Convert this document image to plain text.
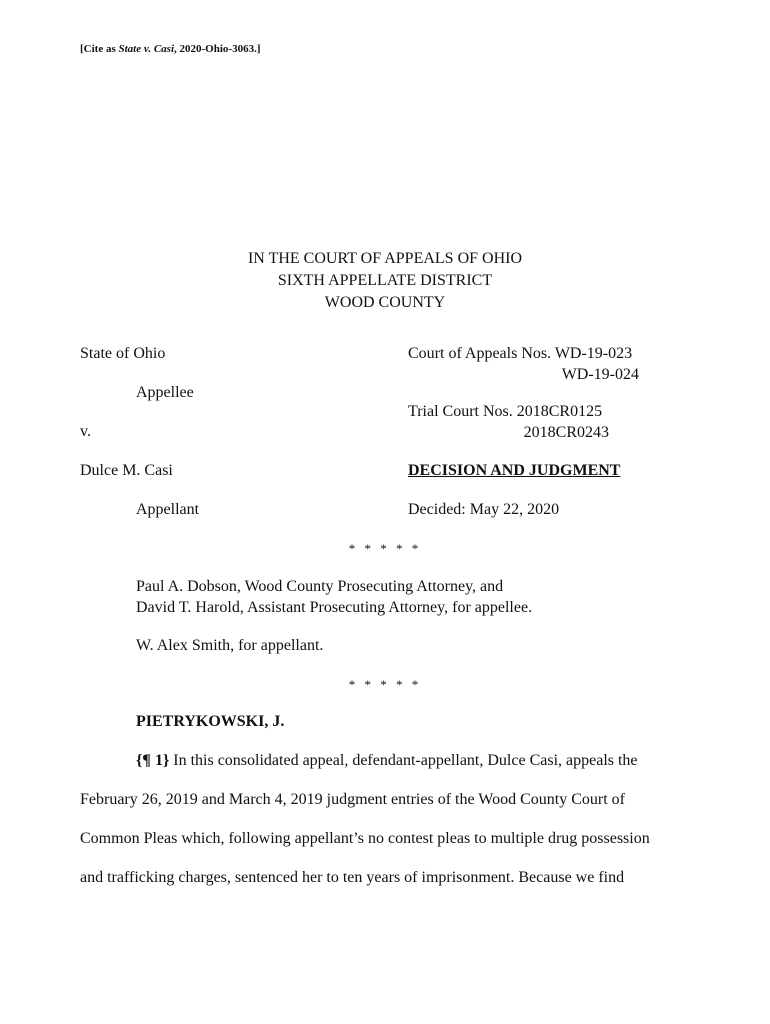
[Cite as State v. Casi, 2020-Ohio-3063.]
IN THE COURT OF APPEALS OF OHIO
SIXTH APPELLATE DISTRICT
WOOD COUNTY
State of Ohio
Appellee
v.
Dulce M. Casi
Appellant
Court of Appeals Nos. WD-19-023
WD-19-024
Trial Court Nos. 2018CR0125
2018CR0243
DECISION AND JUDGMENT
Decided: May 22, 2020
* * * * *
Paul A. Dobson, Wood County Prosecuting Attorney, and
David T. Harold, Assistant Prosecuting Attorney, for appellee.
W. Alex Smith, for appellant.
* * * * *
PIETRYKOWSKI, J.
{¶ 1} In this consolidated appeal, defendant-appellant, Dulce Casi, appeals the
February 26, 2019 and March 4, 2019 judgment entries of the Wood County Court of
Common Pleas which, following appellant’s no contest pleas to multiple drug possession
and trafficking charges, sentenced her to ten years of imprisonment. Because we find
